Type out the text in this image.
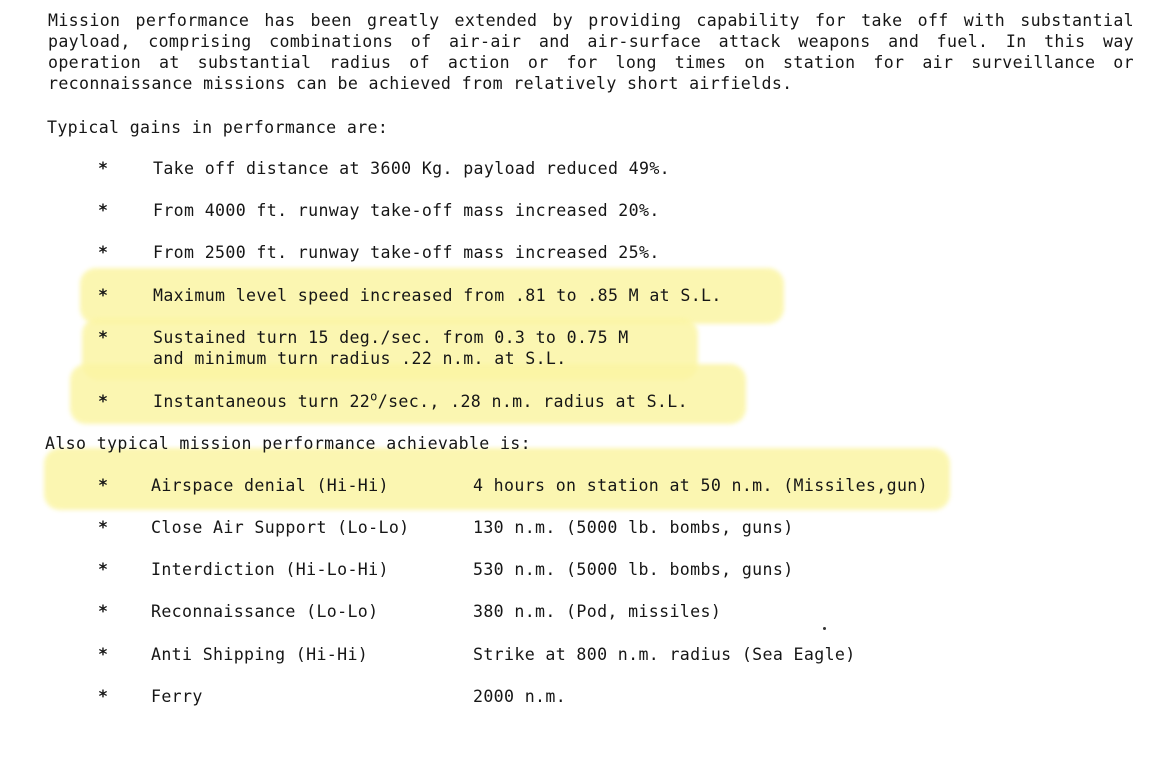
Mission performance has been greatly extended by providing capability for take off with substantial payload, comprising combinations of air-air and air-surface attack weapons and fuel. In this way operation at substantial radius of action or for long times on station for air surveillance or reconnaissance missions can be achieved from relatively short airfields.

Typical gains in performance are:

*	Take off distance at 3600 Kg. payload reduced 49%.
*	From 4000 ft. runway take-off mass increased 20%.
*	From 2500 ft. runway take-off mass increased 25%.
*	Maximum level speed increased from .81 to .85 M at S.L.
*	Sustained turn 15 deg./sec. from 0.3 to 0.75 M
and minimum turn radius .22 n.m. at S.L.
*	Instantaneous turn 22$^o$/sec., .28 n.m. radius at S.L.

Also typical mission performance achievable is:

*	Airspace denial (Hi-Hi)	4 hours on station at 50 n.m. (Missiles,gun)
*	Close Air Support (Lo-Lo)	130 n.m. (5000 lb. bombs, guns)
*	Interdiction (Hi-Lo-Hi)	530 n.m. (5000 lb. bombs, guns)
*	Reconnaissance (Lo-Lo)	380 n.m. (Pod, missiles)
*	Anti Shipping (Hi-Hi)	Strike at 800 n.m. radius (Sea Eagle)
*	Ferry	2000 n.m.
